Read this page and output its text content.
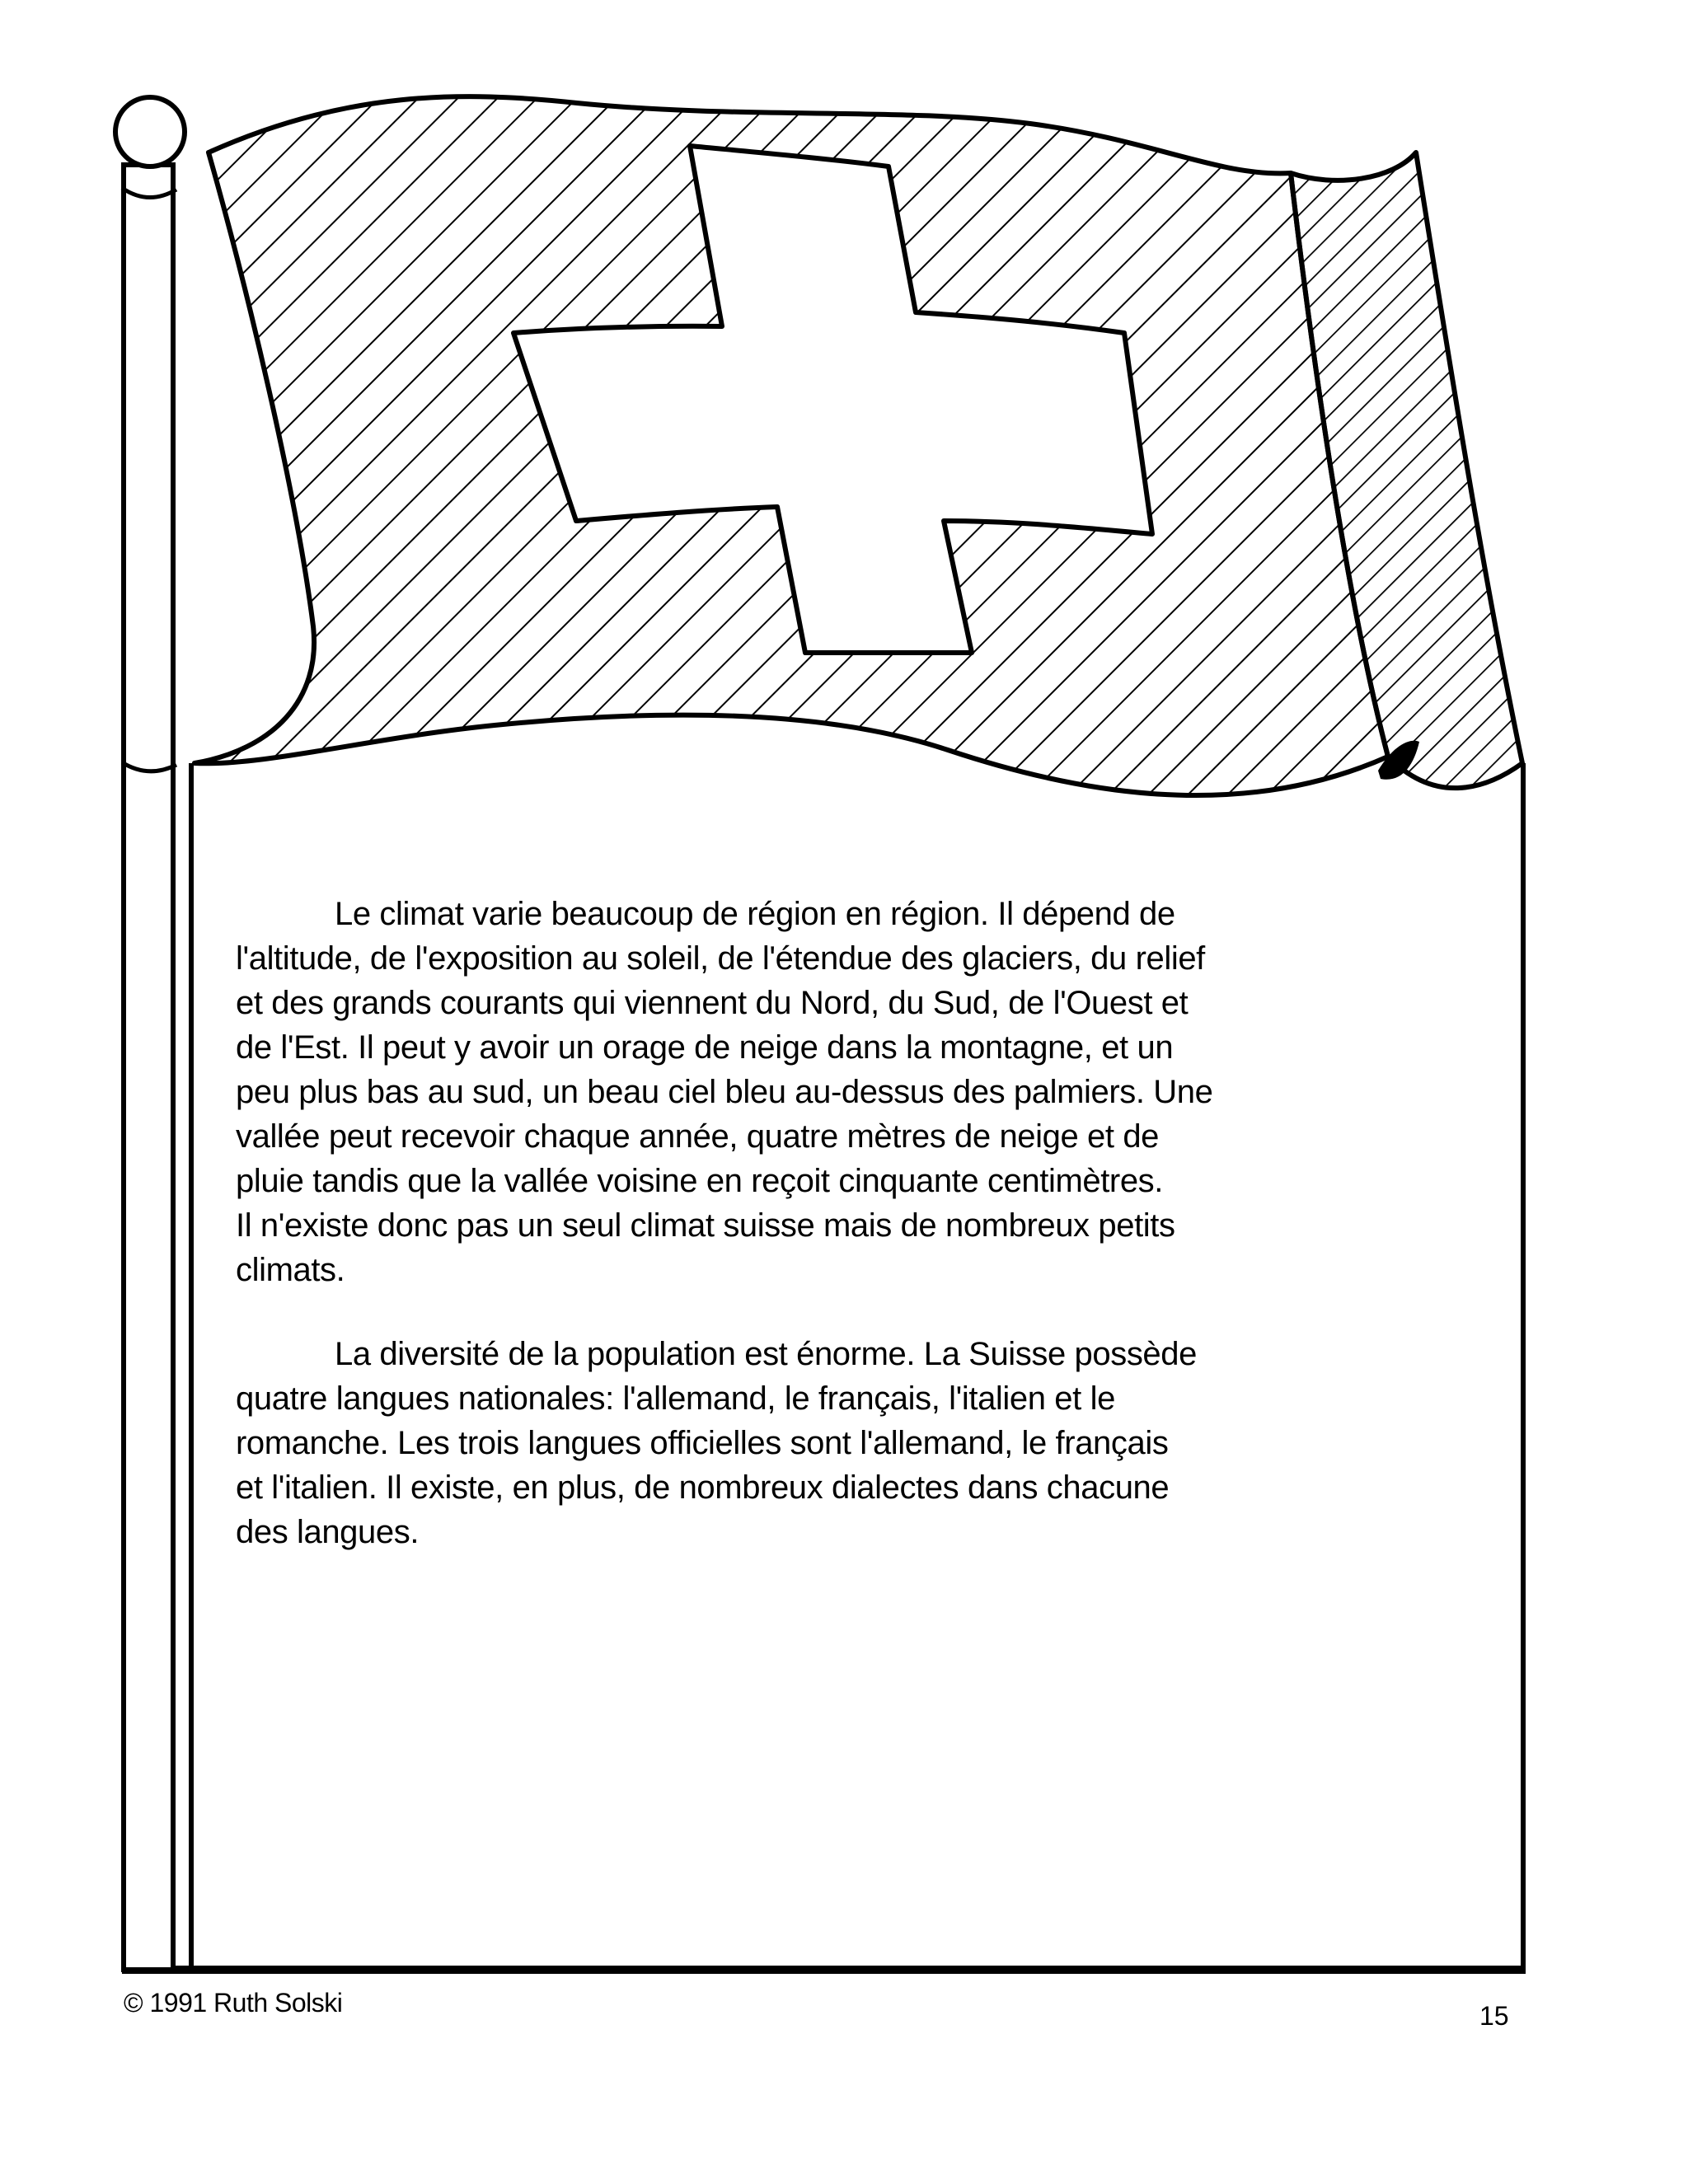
Le climat varie beaucoup de région en région. Il dépend de
l'altitude, de l'exposition au soleil, de l'étendue des glaciers, du relief
et des grands courants qui viennent du Nord, du Sud, de l'Ouest et
de l'Est. Il peut y avoir un orage de neige dans la montagne, et un
peu plus bas au sud, un beau ciel bleu au-dessus des palmiers. Une
vallée peut recevoir chaque année, quatre mètres de neige et de
pluie tandis que la vallée voisine en reçoit cinquante centimètres.
Il n'existe donc pas un seul climat suisse mais de nombreux petits
climats.
La diversité de la population est énorme. La Suisse possède
quatre langues nationales: l'allemand, le français, l'italien et le
romanche. Les trois langues officielles sont l'allemand, le français
et l'italien. Il existe, en plus, de nombreux dialectes dans chacune
des langues.
© 1991 Ruth Solski	15
